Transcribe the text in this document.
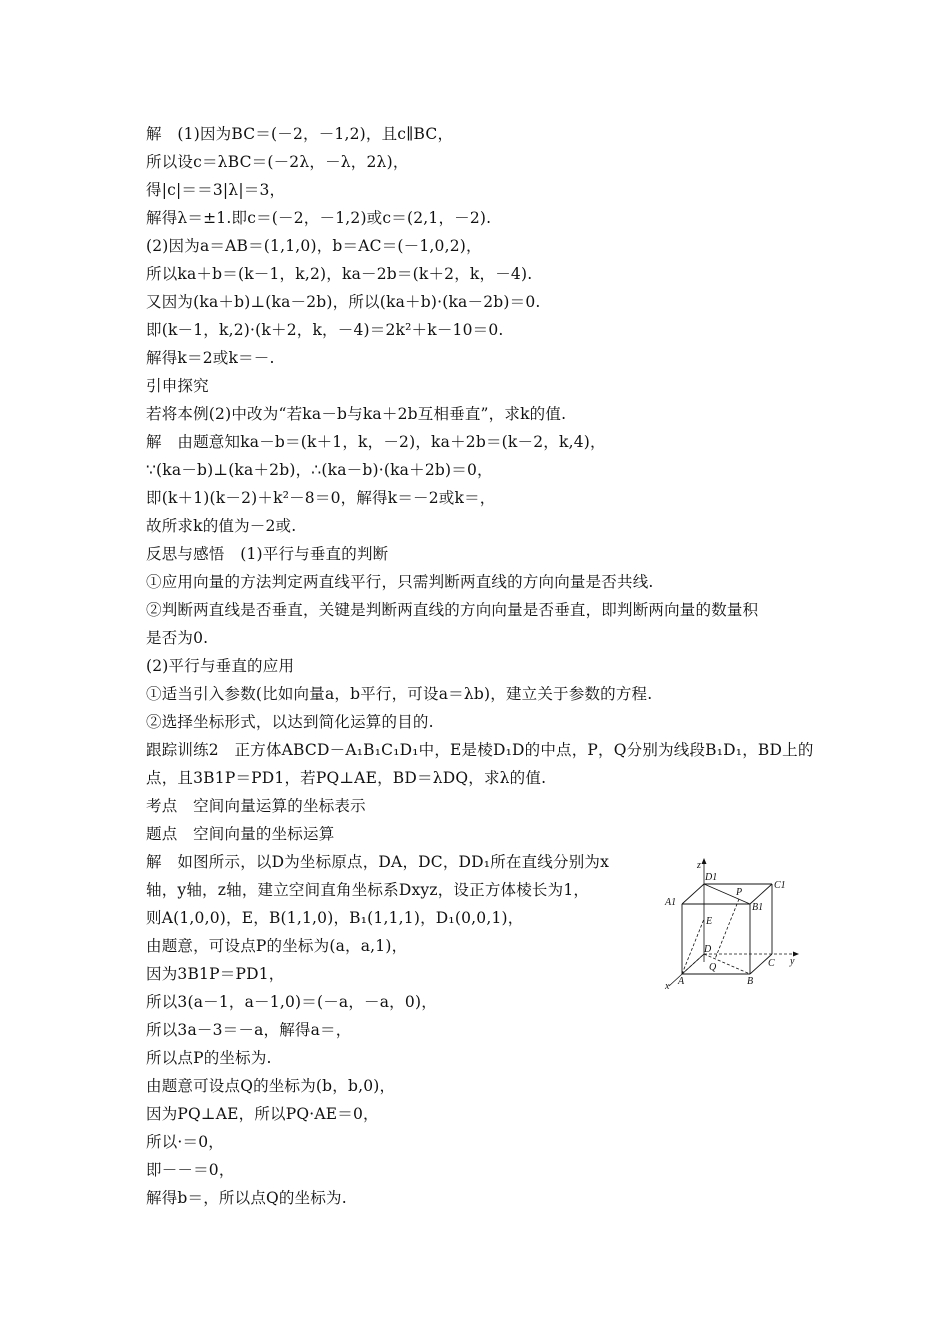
解　(1)因为BC＝(－2，－1,2)，且c∥BC，
所以设c＝λBC＝(－2λ，－λ，2λ)，
得|c|＝＝3|λ|＝3，
解得λ＝±1.即c＝(－2，－1,2)或c＝(2,1，－2).
(2)因为a＝AB＝(1,1,0)，b＝AC＝(－1,0,2)，
所以ka＋b＝(k－1，k,2)，ka－2b＝(k＋2，k，－4).
又因为(ka＋b)⊥(ka－2b)，所以(ka＋b)·(ka－2b)＝0.
即(k－1，k,2)·(k＋2，k，－4)＝2k²＋k－10＝0.
解得k＝2或k＝－.
引申探究
若将本例(2)中改为“若ka－b与ka＋2b互相垂直”，求k的值.
解　由题意知ka－b＝(k＋1，k，－2)，ka＋2b＝(k－2，k,4)，
∵(ka－b)⊥(ka＋2b)，∴(ka－b)·(ka＋2b)＝0，
即(k＋1)(k－2)＋k²－8＝0，解得k＝－2或k＝，
故所求k的值为－2或.
反思与感悟　(1)平行与垂直的判断
①应用向量的方法判定两直线平行，只需判断两直线的方向向量是否共线.
②判断两直线是否垂直，关键是判断两直线的方向向量是否垂直，即判断两向量的数量积
是否为0.
(2)平行与垂直的应用
①适当引入参数(比如向量a，b平行，可设a＝λb)，建立关于参数的方程.
②选择坐标形式，以达到简化运算的目的.
跟踪训练2　正方体ABCD－A₁B₁C₁D₁中，E是棱D₁D的中点，P，Q分别为线段B₁D₁，BD上的
点，且3B1P＝PD1，若PQ⊥AE，BD＝λDQ，求λ的值.
考点　空间向量运算的坐标表示
题点　空间向量的坐标运算
解　如图所示，以D为坐标原点，DA，DC，DD₁所在直线分别为x
轴，y轴，z轴，建立空间直角坐标系Dxyz，设正方体棱长为1，
则A(1,0,0)，E，B(1,1,0)，B₁(1,1,1)，D₁(0,0,1)，
由题意，可设点P的坐标为(a，a,1)，
因为3B1P＝PD1，
所以3(a－1，a－1,0)＝(－a，－a，0)，
所以3a－3＝－a，解得a＝，
所以点P的坐标为.
由题意可设点Q的坐标为(b，b,0)，
因为PQ⊥AE，所以PQ·AE＝0，
所以·＝0，
即－－＝0，
解得b＝，所以点Q的坐标为.
z
D1
P
C1
A1	B1
E
D
Q	C y
A	B
x
